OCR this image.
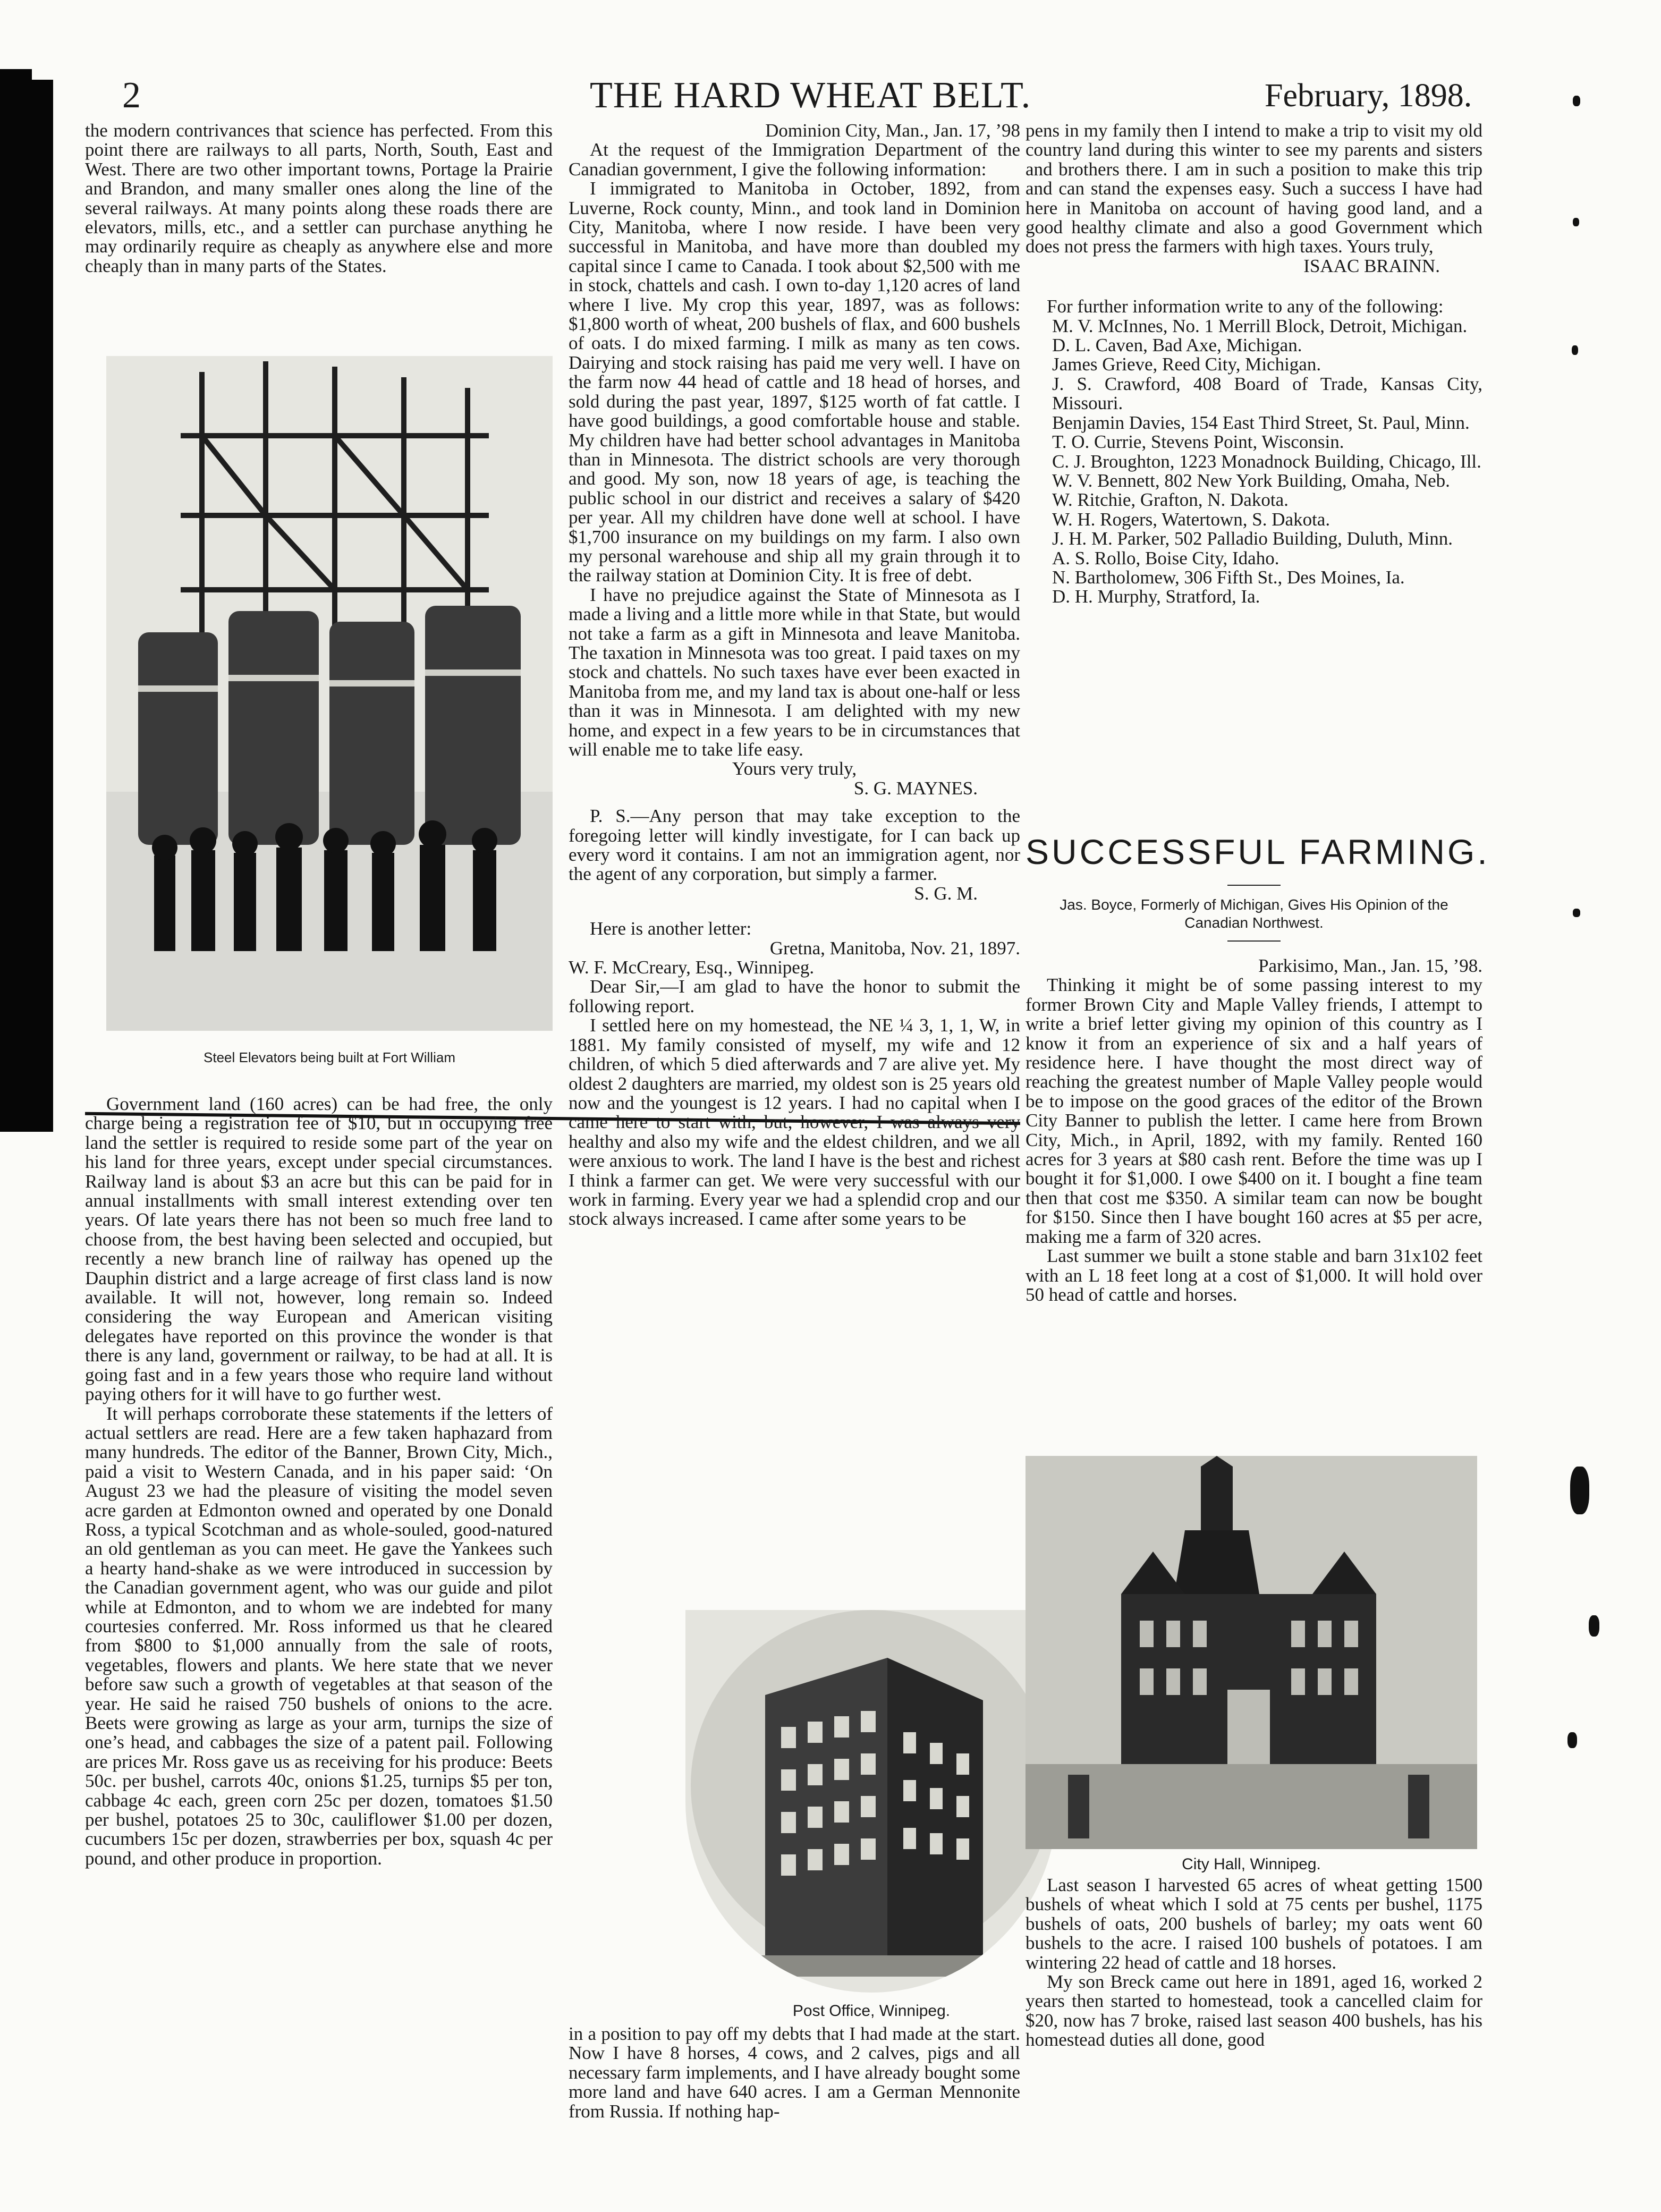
2	THE HARD WHEAT BELT.	February, 1898.

the modern contrivances that science has perfected. From this point there are railways to all parts, North, South, East and West. There are two other important towns, Portage la Prairie and Brandon, and many smaller ones along the line of the several railways. At many points along these roads there are elevators, mills, etc., and a settler can purchase anything he may ordinarily require as cheaply as anywhere else and more cheaply than in many parts of the States.

Steel Elevators being built at Fort William

Government land (160 acres) can be had free, the only charge being a registration fee of $10, but in occupying free land the settler is required to reside some part of the year on his land for three years, except under special circumstances. Railway land is about $3 an acre but this can be paid for in annual installments with small interest extending over ten years. Of late years there has not been so much free land to choose from, the best having been selected and occupied, but recently a new branch line of railway has opened up the Dauphin district and a large acreage of first class land is now available. It will not, however, long remain so. Indeed considering the way European and American visiting delegates have reported on this province the wonder is that there is any land, government or railway, to be had at all. It is going fast and in a few years those who require land without paying others for it will have to go further west.

It will perhaps corroborate these statements if the letters of actual settlers are read. Here are a few taken haphazard from many hundreds. The editor of the Banner, Brown City, Mich., paid a visit to Western Canada, and in his paper said: ‘On August 23 we had the pleasure of visiting the model seven acre garden at Edmonton owned and operated by one Donald Ross, a typical Scotchman and as whole-souled, good-natured an old gentleman as you can meet. He gave the Yankees such a hearty hand-shake as we were introduced in succession by the Canadian government agent, who was our guide and pilot while at Edmonton, and to whom we are indebted for many courtesies conferred. Mr. Ross informed us that he cleared from $800 to $1,000 annually from the sale of roots, vegetables, flowers and plants. We here state that we never before saw such a growth of vegetables at that season of the year. He said he raised 750 bushels of onions to the acre. Beets were growing as large as your arm, turnips the size of one’s head, and cabbages the size of a patent pail. Following are prices Mr. Ross gave us as receiving for his produce: Beets 50c. per bushel, carrots 40c, onions $1.25, turnips $5 per ton, cabbage 4c each, green corn 25c per dozen, tomatoes $1.50 per bushel, potatoes 25 to 30c, cauliflower $1.00 per dozen, cucumbers 15c per dozen, strawberries per box, squash 4c per pound, and other produce in proportion.

Dominion City, Man., Jan. 17, ’98

At the request of the Immigration Department of the Canadian government, I give the following information:

I immigrated to Manitoba in October, 1892, from Luverne, Rock county, Minn., and took land in Dominion City, Manitoba, where I now reside. I have been very successful in Manitoba, and have more than doubled my capital since I came to Canada. I took about $2,500 with me in stock, chattels and cash. I own to-day 1,120 acres of land where I live. My crop this year, 1897, was as follows: $1,800 worth of wheat, 200 bushels of flax, and 600 bushels of oats. I do mixed farming. I milk as many as ten cows. Dairying and stock raising has paid me very well. I have on the farm now 44 head of cattle and 18 head of horses, and sold during the past year, 1897, $125 worth of fat cattle. I have good buildings, a good comfortable house and stable. My children have had better school advantages in Manitoba than in Minnesota. The district schools are very thorough and good. My son, now 18 years of age, is teaching the public school in our district and receives a salary of $420 per year. All my children have done well at school. I have $1,700 insurance on my buildings on my farm. I also own my personal warehouse and ship all my grain through it to the railway station at Dominion City. It is free of debt.

I have no prejudice against the State of Minnesota as I made a living and a little more while in that State, but would not take a farm as a gift in Minnesota and leave Manitoba. The taxation in Minnesota was too great. I paid taxes on my stock and chattels. No such taxes have ever been exacted in Manitoba from me, and my land tax is about one-half or less than it was in Minnesota. I am delighted with my new home, and expect in a few years to be in circumstances that will enable me to take life easy.

Yours very truly,

S. G. MAYNES.

P. S.—Any person that may take exception to the foregoing letter will kindly investigate, for I can back up every word it contains. I am not an immigration agent, nor the agent of any corporation, but simply a farmer.

S. G. M.

Here is another letter:

Gretna, Manitoba, Nov. 21, 1897.

W. F. McCreary, Esq., Winnipeg.

Dear Sir,—I am glad to have the honor to submit the following report.

I settled here on my homestead, the NE ¼ 3, 1, 1, W, in 1881. My family consisted of myself, my wife and 12 children, of which 5 died afterwards and 7 are alive yet. My oldest 2 daughters are married, my oldest son is 25 years old now and the youngest is 12 years. I had no capital when I came here to start with, but, however, I was always very healthy and also my wife and the eldest children, and we all were anxious to work. The land I have is the best and richest I think a farmer can get. We were very successful with our work in farming. Every year we had a splendid crop and our stock always increased. I came after some years to be

Post Office, Winnipeg.

in a position to pay off my debts that I had made at the start. Now I have 8 horses, 4 cows, and 2 calves, pigs and all necessary farm implements, and I have already bought some more land and have 640 acres. I am a German Mennonite from Russia. If nothing hap-

pens in my family then I intend to make a trip to visit my old country land during this winter to see my parents and sisters and brothers there. I am in such a position to make this trip and can stand the expenses easy. Such a success I have had here in Manitoba on account of having good land, and a good healthy climate and also a good Government which does not press the farmers with high taxes. Yours truly,

ISAAC BRAINN.

For further information write to any of the following:

M. V. McInnes, No. 1 Merrill Block, Detroit, Michigan.

D. L. Caven, Bad Axe, Michigan.

James Grieve, Reed City, Michigan.

J. S. Crawford, 408 Board of Trade, Kansas City, Missouri.

Benjamin Davies, 154 East Third Street, St. Paul, Minn.

T. O. Currie, Stevens Point, Wisconsin.

C. J. Broughton, 1223 Monadnock Building, Chicago, Ill.

W. V. Bennett, 802 New York Building, Omaha, Neb.

W. Ritchie, Grafton, N. Dakota.

W. H. Rogers, Watertown, S. Dakota.

J. H. M. Parker, 502 Palladio Building, Duluth, Minn.

A. S. Rollo, Boise City, Idaho.

N. Bartholomew, 306 Fifth St., Des Moines, Ia.

D. H. Murphy, Stratford, Ia.

SUCCESSFUL FARMING.
Jas. Boyce, Formerly of Michigan, Gives His Opinion of the Canadian Northwest.

Parkisimo, Man., Jan. 15, ’98.

Thinking it might be of some passing interest to my former Brown City and Maple Valley friends, I attempt to write a brief letter giving my opinion of this country as I know it from an experience of six and a half years of residence here. I have thought the most direct way of reaching the greatest number of Maple Valley people would be to impose on the good graces of the editor of the Brown City Banner to publish the letter. I came here from Brown City, Mich., in April, 1892, with my family. Rented 160 acres for 3 years at $80 cash rent. Before the time was up I bought it for $1,000. I owe $400 on it. I bought a fine team then that cost me $350. A similar team can now be bought for $150. Since then I have bought 160 acres at $5 per acre, making me a farm of 320 acres.

Last summer we built a stone stable and barn 31x102 feet with an L 18 feet long at a cost of $1,000. It will hold over 50 head of cattle and horses.

City Hall, Winnipeg.

Last season I harvested 65 acres of wheat getting 1500 bushels of wheat which I sold at 75 cents per bushel, 1175 bushels of oats, 200 bushels of barley; my oats went 60 bushels to the acre. I raised 100 bushels of potatoes. I am wintering 22 head of cattle and 18 horses.

My son Breck came out here in 1891, aged 16, worked 2 years then started to homestead, took a cancelled claim for $20, now has 7 broke, raised last season 400 bushels, has his homestead duties all done, good
